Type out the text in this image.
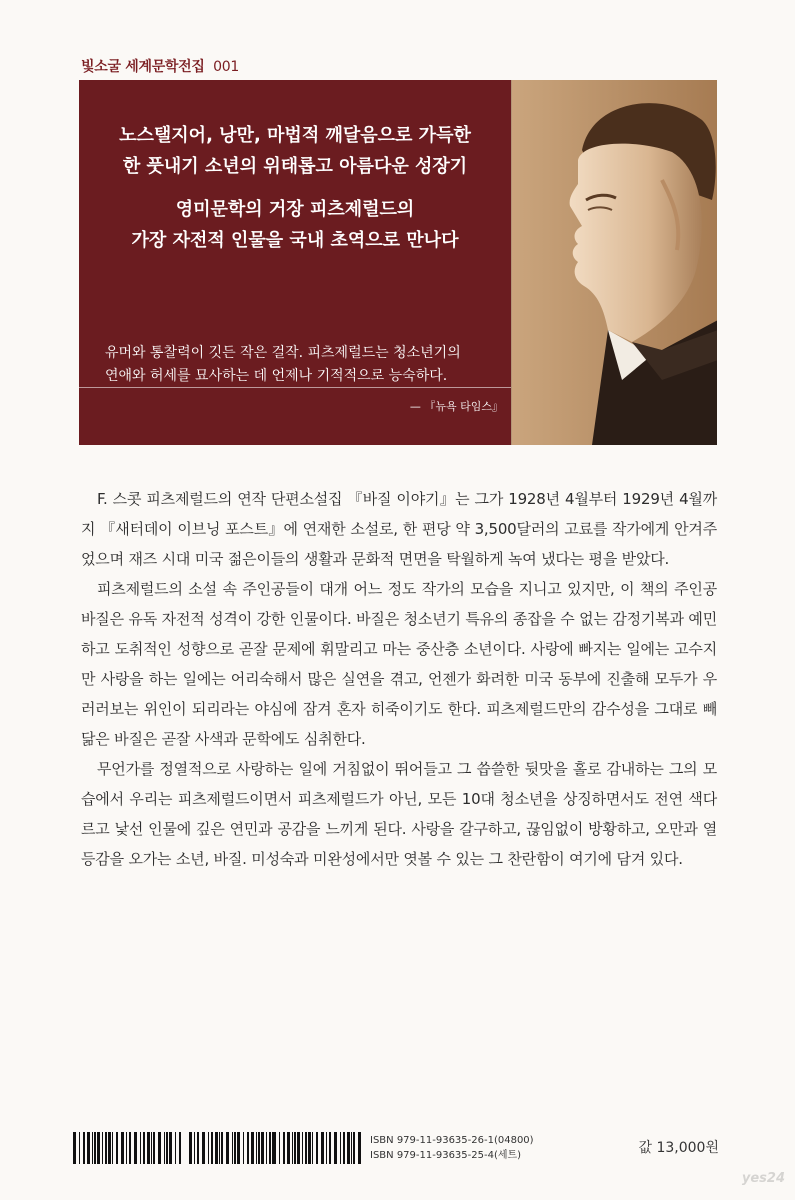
빛소굴 세계문학전집 001

노스탤지어, 낭만, 마법적 깨달음으로 가득한

한 풋내기 소년의 위태롭고 아름다운 성장기

영미문학의 거장 피츠제럴드의

가장 자전적 인물을 국내 초역으로 만나다

유머와 통찰력이 깃든 작은 걸작. 피츠제럴드는 청소년기의

연애와 허세를 묘사하는 데 언제나 기적적으로 능숙하다.

— 『뉴욕 타임스』

F. 스콧 피츠제럴드의 연작 단편소설집 『바질 이야기』는 그가 1928년 4월부터 1929년 4월까지 『새터데이 이브닝 포스트』에 연재한 소설로, 한 편당 약 3,500달러의 고료를 작가에게 안겨주었으며 재즈 시대 미국 젊은이들의 생활과 문화적 면면을 탁월하게 녹여 냈다는 평을 받았다.

피츠제럴드의 소설 속 주인공들이 대개 어느 정도 작가의 모습을 지니고 있지만, 이 책의 주인공 바질은 유독 자전적 성격이 강한 인물이다. 바질은 청소년기 특유의 종잡을 수 없는 감정기복과 예민하고 도취적인 성향으로 곧잘 문제에 휘말리고 마는 중산층 소년이다. 사랑에 빠지는 일에는 고수지만 사랑을 하는 일에는 어리숙해서 많은 실연을 겪고, 언젠가 화려한 미국 동부에 진출해 모두가 우러러보는 위인이 되리라는 야심에 잠겨 혼자 히죽이기도 한다. 피츠제럴드만의 감수성을 그대로 빼닮은 바질은 곧잘 사색과 문학에도 심취한다.

무언가를 정열적으로 사랑하는 일에 거침없이 뛰어들고 그 씁쓸한 뒷맛을 홀로 감내하는 그의 모습에서 우리는 피츠제럴드이면서 피츠제럴드가 아닌, 모든 10대 청소년을 상징하면서도 전연 색다르고 낯선 인물에 깊은 연민과 공감을 느끼게 된다. 사랑을 갈구하고, 끊임없이 방황하고, 오만과 열등감을 오가는 소년, 바질. 미성숙과 미완성에서만 엿볼 수 있는 그 찬란함이 여기에 담겨 있다.

ISBN 979-11-93635-26-1(04800)

ISBN 979-11-93635-25-4(세트)	값 13,000원
yes24
